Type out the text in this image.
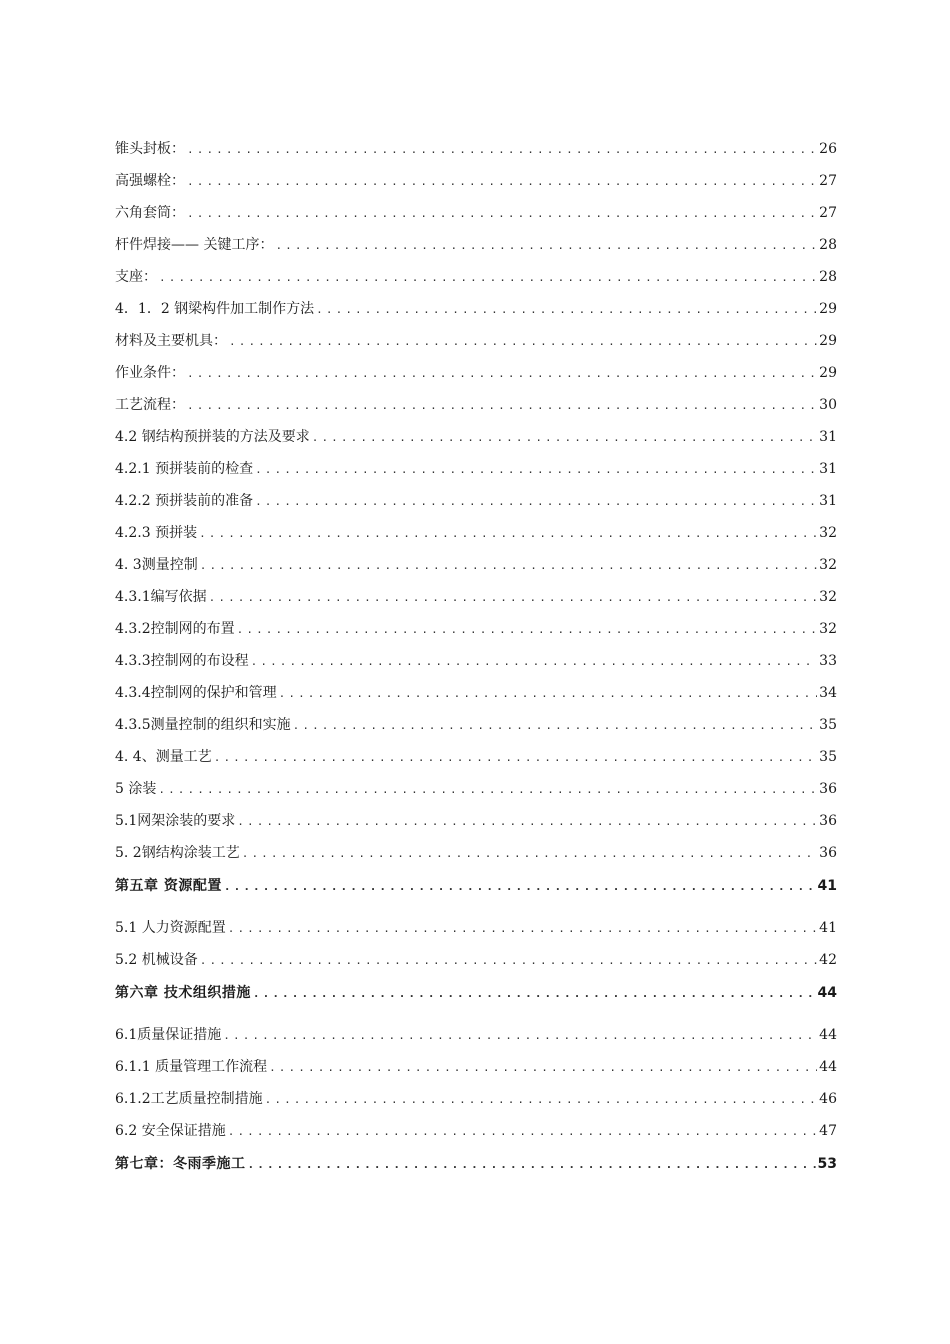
锥头封板： .....	26
高强螺栓： .....	27
六角套筒： .....	27
杆件焊接—— 关键工序： .....	28
支座： .....	28
4．1．2 钢梁构件加工制作方法 .....	29
材料及主要机具： .....	29
作业条件： .....	29
工艺流程： .....	30
4.2 钢结构预拼装的方法及要求 .....	31
4.2.1 预拼装前的检查 .....	31
4.2.2 预拼装前的准备 .....	31
4.2.3 预拼装 .....	32
4. 3测量控制 .....	32
4.3.1编写依据 .....	32
4.3.2控制网的布置 .....	32
4.3.3控制网的布设程 .....	33
4.3.4控制网的保护和管理 .....	34
4.3.5测量控制的组织和实施 .....	35
4. 4、测量工艺 .....	35
5 涂装 .....	36
5.1网架涂装的要求 .....	36
5. 2钢结构涂装工艺 .....	36
第五章 资源配置 .....	41
5.1 人力资源配置 .....	41
5.2 机械设备 .....	42
第六章 技术组织措施 .....	44
6.1质量保证措施 .....	44
6.1.1 质量管理工作流程 .....	44
6.1.2工艺质量控制措施 .....	46
6.2 安全保证措施 .....	47
第七章：冬雨季施工 .....	53
